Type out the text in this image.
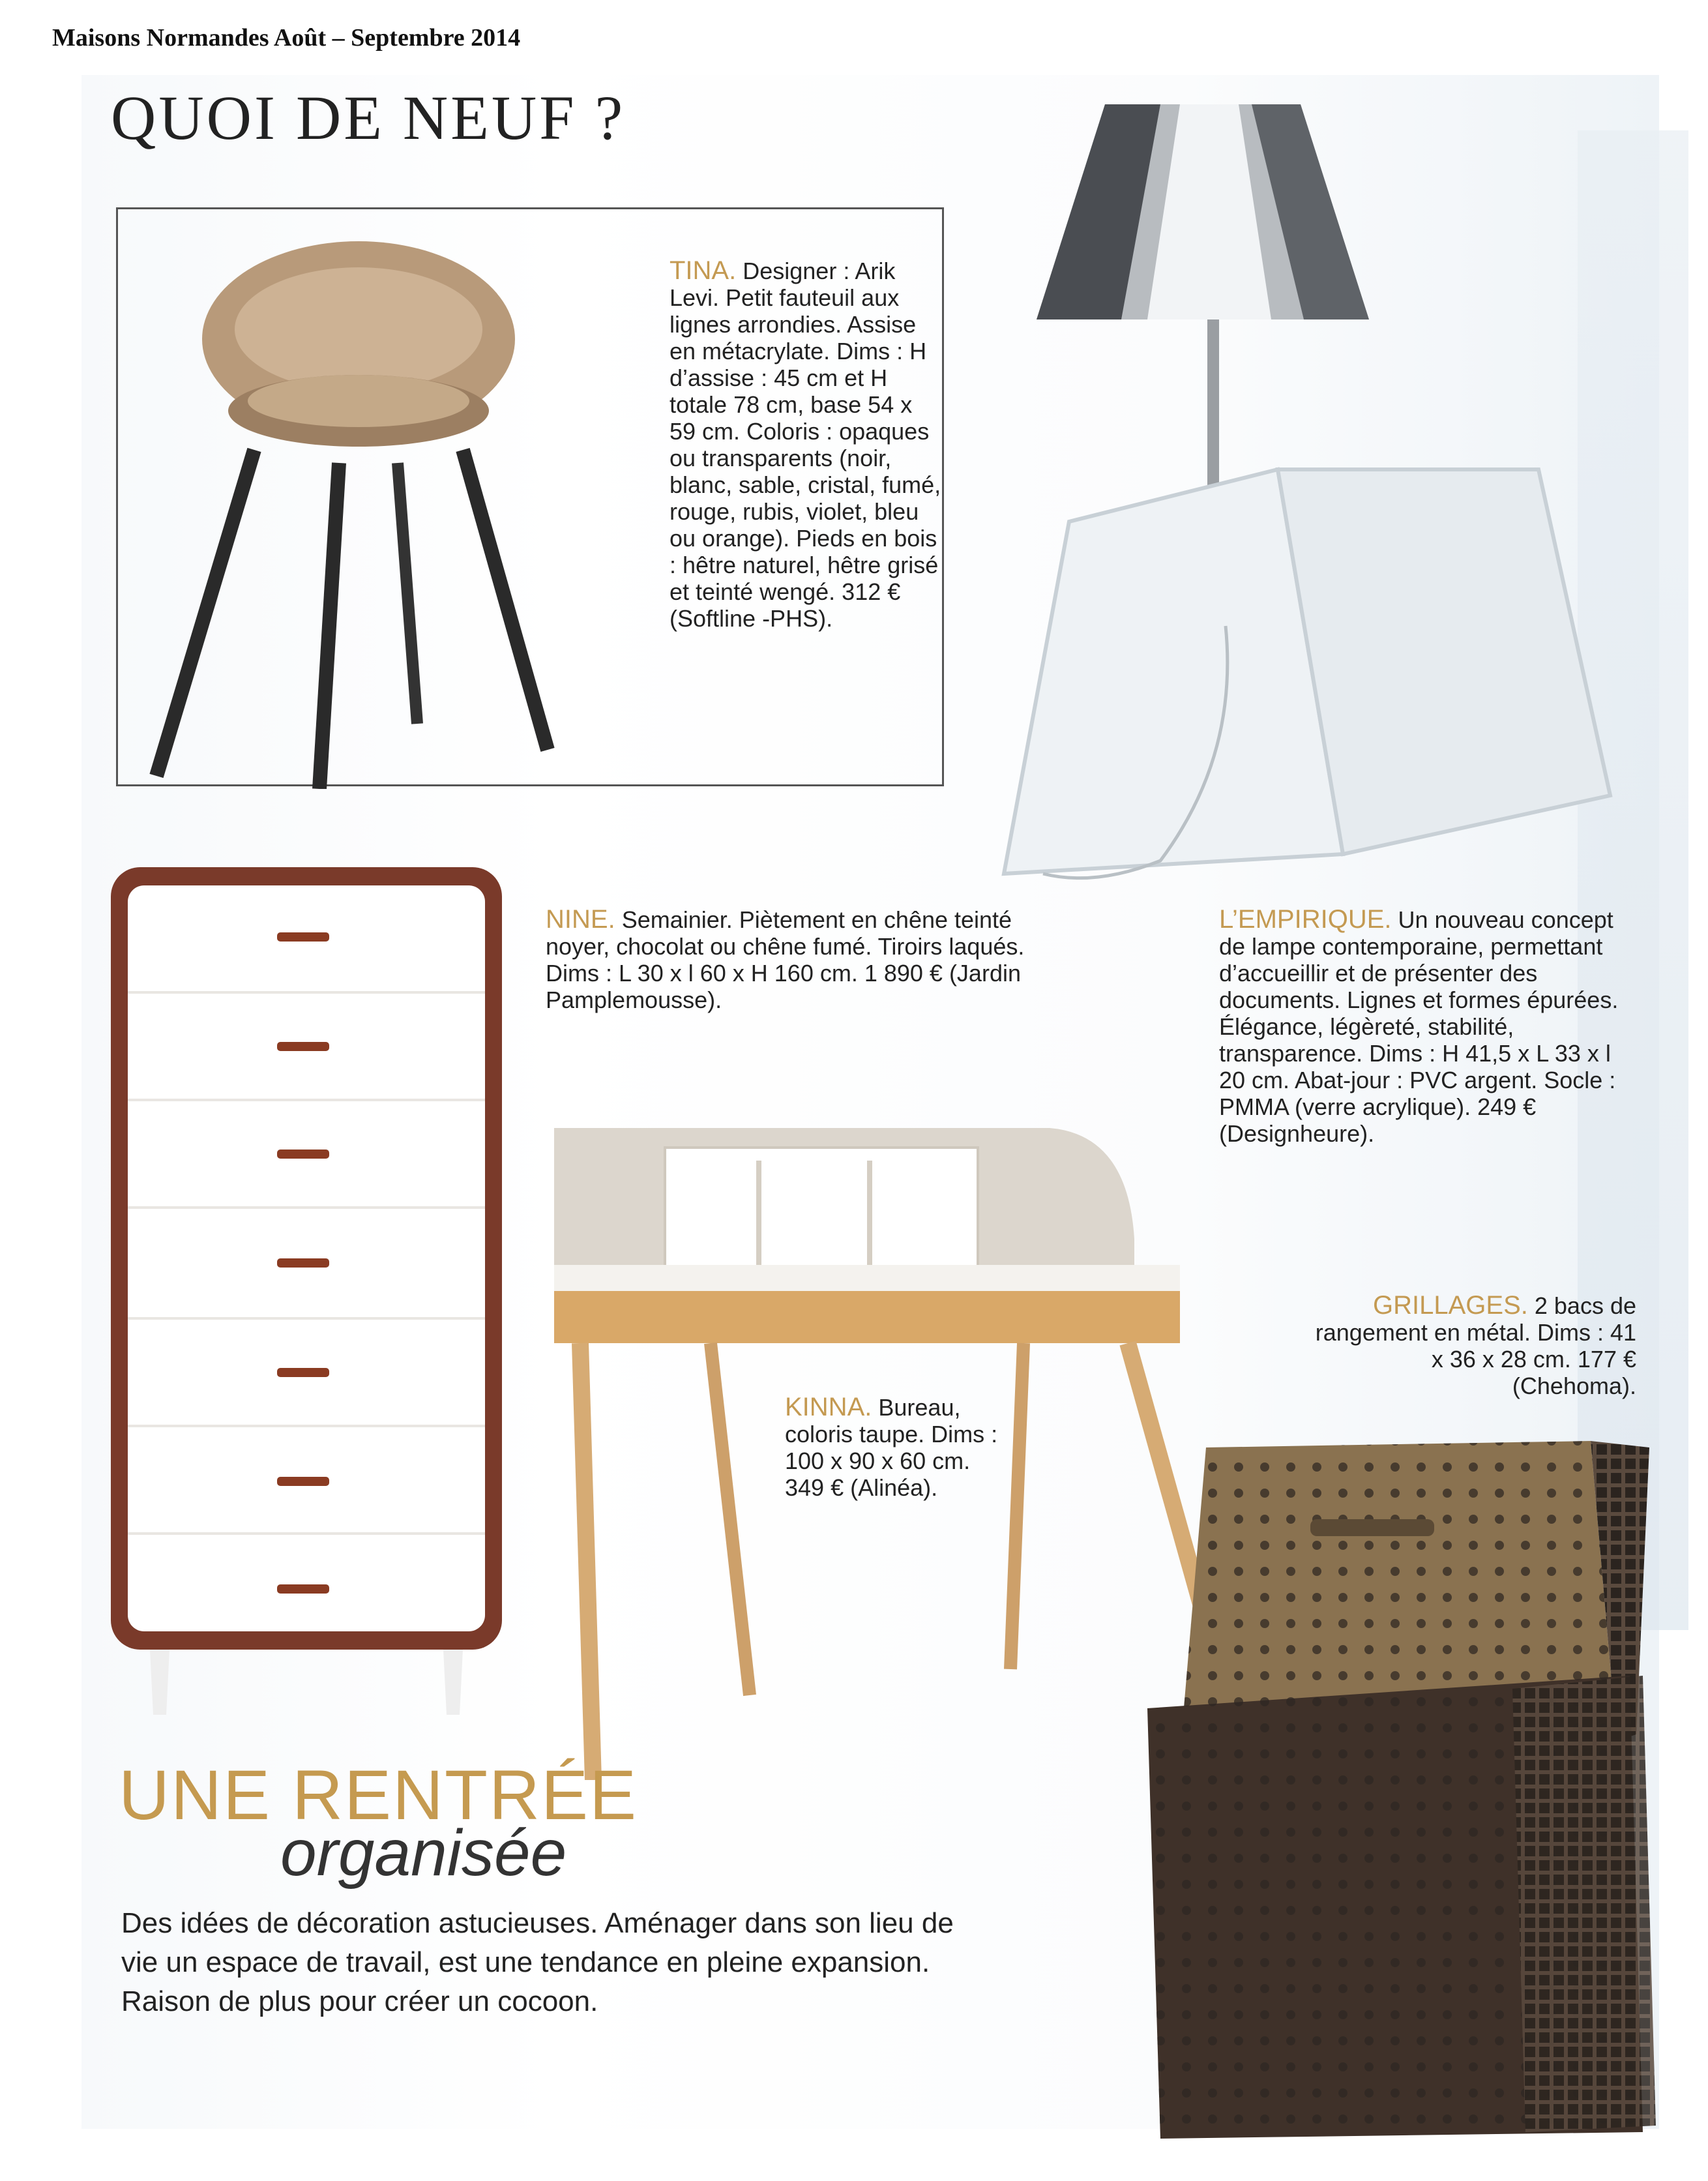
Maisons Normandes Août – Septembre 2014
QUOI DE NEUF ?
TINA. Designer : Arik Levi. Petit fauteuil aux lignes arrondies. Assise en métacrylate. Dims : H d’assise : 45 cm et H totale 78 cm, base 54 x 59 cm. Coloris : opaques ou transparents (noir, blanc, sable, cristal, fumé, rouge, rubis, violet, bleu ou orange). Pieds en bois : hêtre naturel, hêtre grisé et teinté wengé. 312 € (Softline -PHS).
NINE. Semainier. Piètement en chêne teinté noyer, chocolat ou chêne fumé. Tiroirs laqués. Dims : L 30 x l 60 x H 160 cm. 1 890 € (Jardin Pamplemousse).
L’EMPIRIQUE. Un nouveau concept de lampe contemporaine, permettant d’accueillir et de présenter des documents. Lignes et formes épurées. Élégance, légèreté, stabilité, transparence. Dims : H 41,5 x L 33 x l 20 cm. Abat-jour : PVC argent. Socle : PMMA (verre acrylique). 249 € (Designheure).
KINNA. Bureau, coloris taupe. Dims : 100 x 90 x 60 cm. 349 € (Alinéa).
GRILLAGES. 2 bacs de rangement en métal. Dims : 41 x 36 x 28 cm. 177 € (Chehoma).
UNE RENTRÉE
organisée
Des idées de décoration astucieuses. Aménager dans son lieu de vie un espace de travail, est une tendance en pleine expansion. Raison de plus pour créer un cocoon.
